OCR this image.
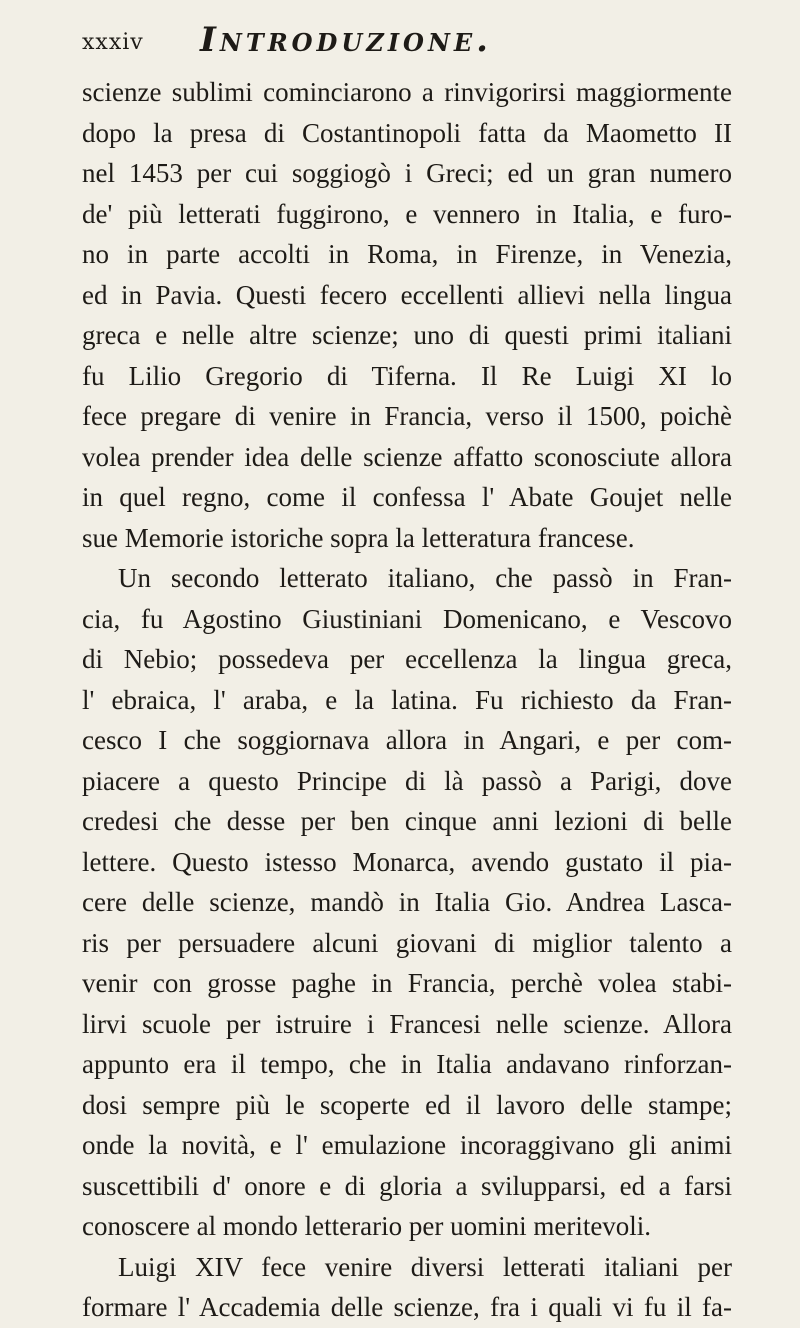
xxxiv Introduzione.
scienze sublimi cominciarono a rinvigorirsi maggiormente
dopo la presa di Costantinopoli fatta da Maometto II
nel 1453 per cui soggiogò i Greci; ed un gran numero
de' più letterati fuggirono, e vennero in Italia, e furo-
no in parte accolti in Roma, in Firenze, in Venezia,
ed in Pavia. Questi fecero eccellenti allievi nella lingua
greca e nelle altre scienze; uno di questi primi italiani
fu Lilio Gregorio di Tiferna. Il Re Luigi XI lo
fece pregare di venire in Francia, verso il 1500, poichè
volea prender idea delle scienze affatto sconosciute allora
in quel regno, come il confessa l' Abate Goujet nelle
sue Memorie istoriche sopra la letteratura francese.
Un secondo letterato italiano, che passò in Fran-
cia, fu Agostino Giustiniani Domenicano, e Vescovo
di Nebio; possedeva per eccellenza la lingua greca,
l' ebraica, l' araba, e la latina. Fu richiesto da Fran-
cesco I che soggiornava allora in Angari, e per com-
piacere a questo Principe di là passò a Parigi, dove
credesi che desse per ben cinque anni lezioni di belle
lettere. Questo istesso Monarca, avendo gustato il pia-
cere delle scienze, mandò in Italia Gio. Andrea Lasca-
ris per persuadere alcuni giovani di miglior talento a
venir con grosse paghe in Francia, perchè volea stabi-
lirvi scuole per istruire i Francesi nelle scienze. Allora
appunto era il tempo, che in Italia andavano rinforzan-
dosi sempre più le scoperte ed il lavoro delle stampe;
onde la novità, e l' emulazione incoraggivano gli animi
suscettibili d' onore e di gloria a svilupparsi, ed a farsi
conoscere al mondo letterario per uomini meritevoli.
Luigi XIV fece venire diversi letterati italiani per
formare l' Accademia delle scienze, fra i quali vi fu il fa-
